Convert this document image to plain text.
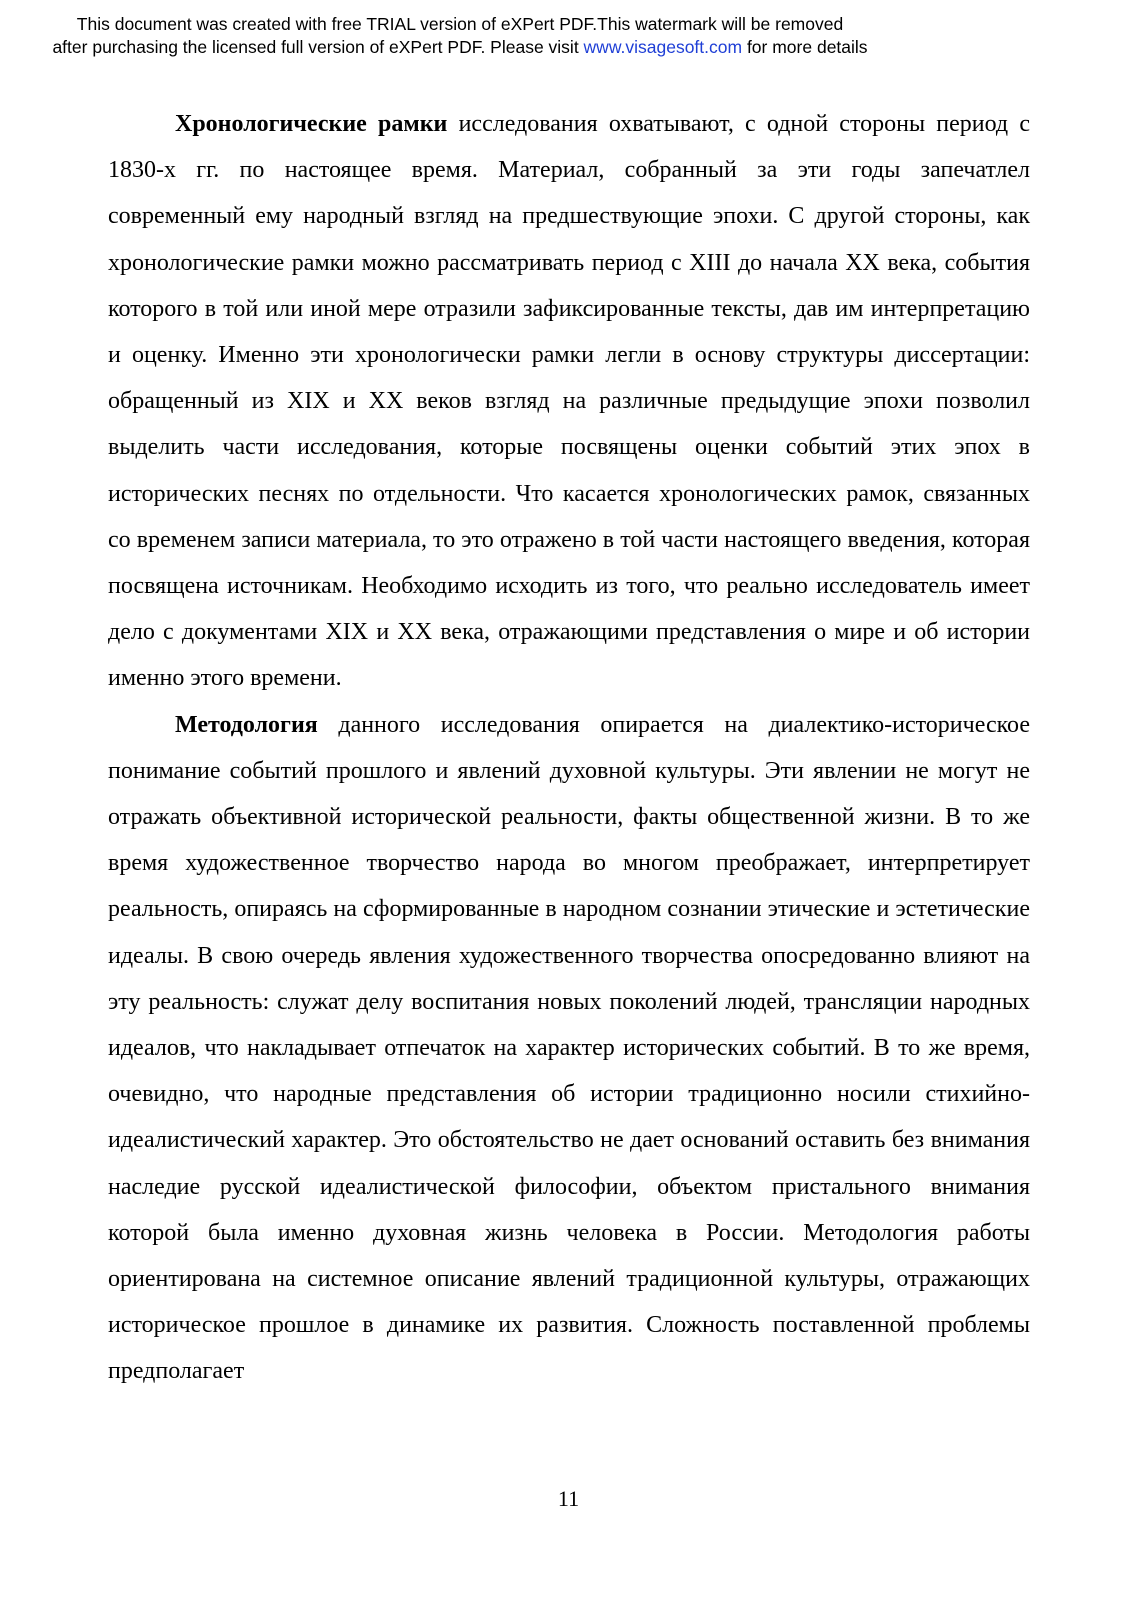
This document was created with free TRIAL version of eXPert PDF.This watermark will be removed
after purchasing the licensed full version of eXPert PDF. Please visit www.visagesoft.com for more details

Хронологические рамки исследования охватывают, с одной стороны период с 1830-х гг. по настоящее время. Материал, собранный за эти годы запечатлел современный ему народный взгляд на предшествующие эпохи. С другой стороны, как хронологические рамки можно рассматривать период с XIII до начала XX века, события которого в той или иной мере отразили зафиксированные тексты, дав им интерпретацию и оценку. Именно эти хронологически рамки легли в основу структуры диссертации: обращенный из XIX и XX веков взгляд на различные предыдущие эпохи позволил выделить части исследования, которые посвящены оценки событий этих эпох в исторических песнях по отдельности. Что касается хронологических рамок, связанных со временем записи материала, то это отражено в той части настоящего введения, которая посвящена источникам. Необходимо исходить из того, что реально исследователь имеет дело с документами XIX и XX века, отражающими представления о мире и об истории именно этого времени.

Методология данного исследования опирается на диалектико-историческое понимание событий прошлого и явлений духовной культуры. Эти явлении не могут не отражать объективной исторической реальности, факты общественной жизни. В то же время художественное творчество народа во многом преображает, интерпретирует реальность, опираясь на сформированные в народном сознании этические и эстетические идеалы. В свою очередь явления художественного творчества опосредованно влияют на эту реальность: служат делу воспитания новых поколений людей, трансляции народных идеалов, что накладывает отпечаток на характер исторических событий. В то же время, очевидно, что народные представления об истории традиционно носили стихийно-идеалистический характер. Это обстоятельство не дает оснований оставить без внимания наследие русской идеалистической философии, объектом пристального внимания которой была именно духовная жизнь человека в России. Методология работы ориентирована на системное описание явлений традиционной культуры, отражающих историческое прошлое в динамике их развития. Сложность поставленной проблемы предполагает

11
